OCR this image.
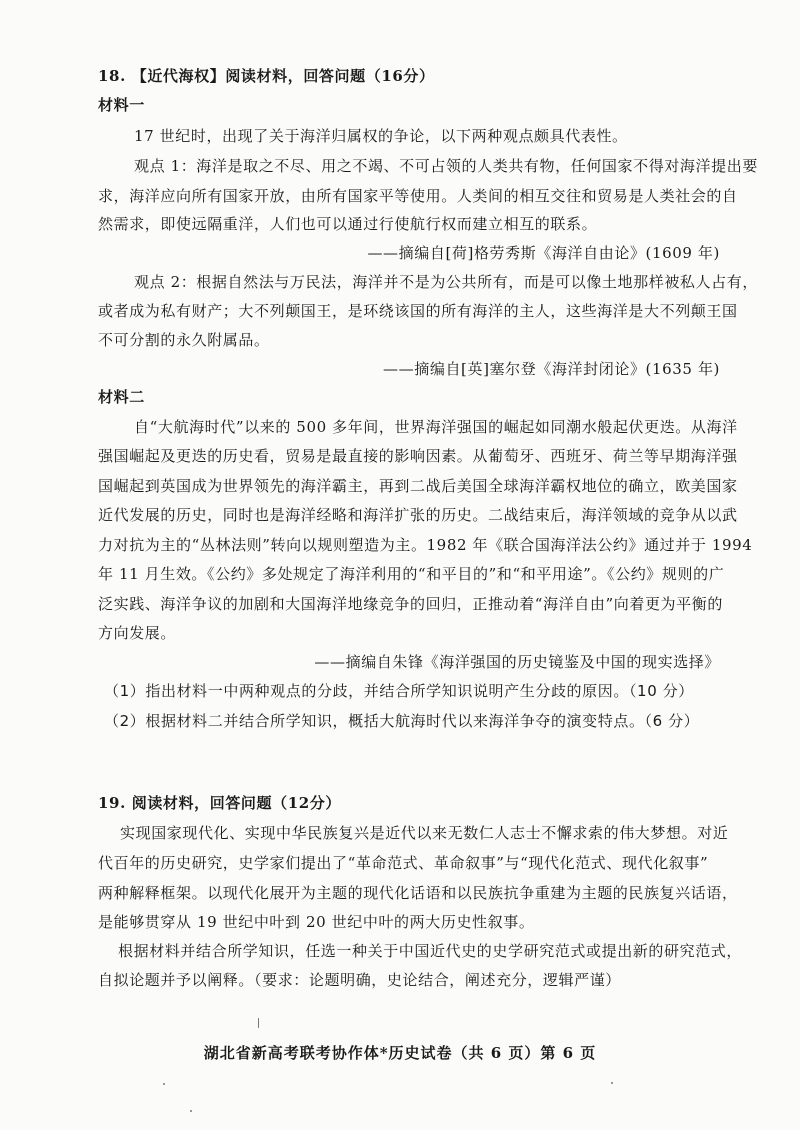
18. 【近代海权】阅读材料，回答问题（16分）
材料一
17 世纪时，出现了关于海洋归属权的争论，以下两种观点颇具代表性。
观点 1：海洋是取之不尽、用之不竭、不可占领的人类共有物，任何国家不得对海洋提出要
求，海洋应向所有国家开放，由所有国家平等使用。人类间的相互交往和贸易是人类社会的自
然需求，即使远隔重洋，人们也可以通过行使航行权而建立相互的联系。
——摘编自[荷]格劳秀斯《海洋自由论》(1609 年)
观点 2：根据自然法与万民法，海洋并不是为公共所有，而是可以像土地那样被私人占有，
或者成为私有财产；大不列颠国王，是环绕该国的所有海洋的主人，这些海洋是大不列颠王国
不可分割的永久附属品。
——摘编自[英]塞尔登《海洋封闭论》(1635 年)
材料二
自“大航海时代”以来的 500 多年间，世界海洋强国的崛起如同潮水般起伏更迭。从海洋
强国崛起及更迭的历史看，贸易是最直接的影响因素。从葡萄牙、西班牙、荷兰等早期海洋强
国崛起到英国成为世界领先的海洋霸主，再到二战后美国全球海洋霸权地位的确立，欧美国家
近代发展的历史，同时也是海洋经略和海洋扩张的历史。二战结束后，海洋领域的竞争从以武
力对抗为主的“丛林法则”转向以规则塑造为主。1982 年《联合国海洋法公约》通过并于 1994
年 11 月生效。《公约》多处规定了海洋利用的“和平目的”和“和平用途”。《公约》规则的广
泛实践、海洋争议的加剧和大国海洋地缘竞争的回归，正推动着“海洋自由”向着更为平衡的
方向发展。
——摘编自朱锋《海洋强国的历史镜鉴及中国的现实选择》
（1）指出材料一中两种观点的分歧，并结合所学知识说明产生分歧的原因。（10 分）
（2）根据材料二并结合所学知识，概括大航海时代以来海洋争夺的演变特点。（6 分）
19. 阅读材料，回答问题（12分）
实现国家现代化、实现中华民族复兴是近代以来无数仁人志士不懈求索的伟大梦想。对近
代百年的历史研究，史学家们提出了“革命范式、革命叙事”与“现代化范式、现代化叙事”
两种解释框架。以现代化展开为主题的现代化话语和以民族抗争重建为主题的民族复兴话语，
是能够贯穿从 19 世纪中叶到 20 世纪中叶的两大历史性叙事。
根据材料并结合所学知识，任选一种关于中国近代史的史学研究范式或提出新的研究范式，
自拟论题并予以阐释。（要求：论题明确，史论结合，阐述充分，逻辑严谨）
湖北省新高考联考协作体*历史试卷（共 6 页）第 6 页
